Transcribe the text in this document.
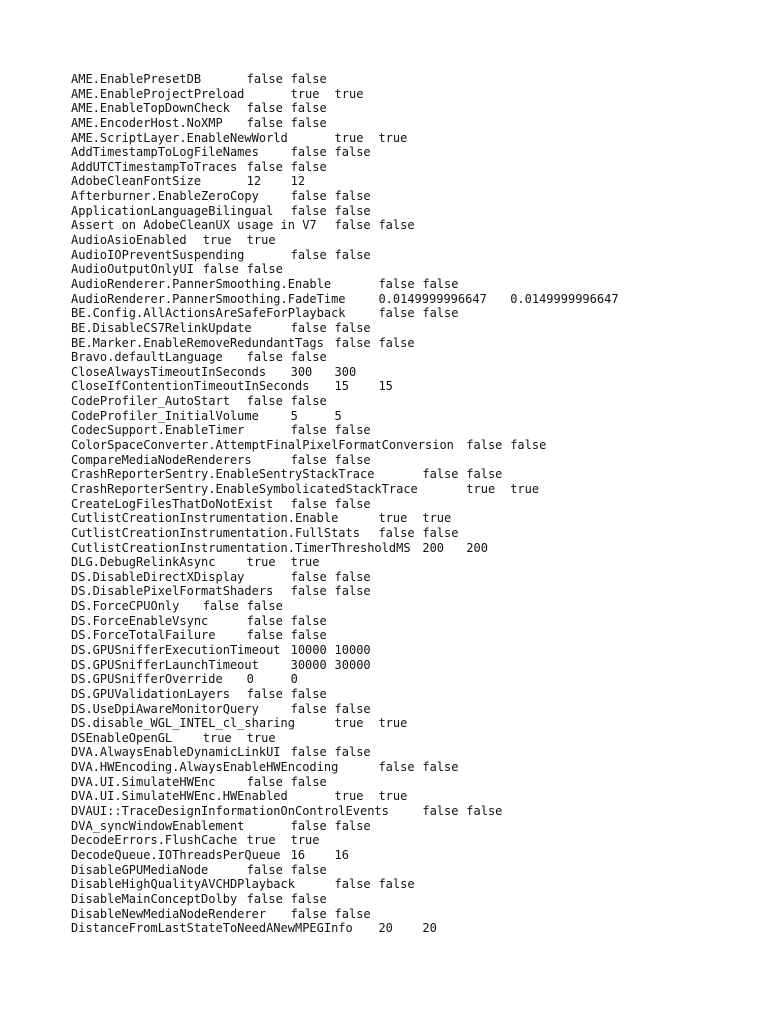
AME.EnablePresetDB	false false
AME.EnableProjectPreload	true true
AME.EnableTopDownCheck false false
AME.EncoderHost.NoXMP false false
AME.ScriptLayer.EnableNewWorld	true true
AddTimestampToLogFileNames	false false
AddUTCTimestampToTraces false false
AdobeCleanFontSize	12 12
Afterburner.EnableZeroCopy	false false
ApplicationLanguageBilingual false false
Assert on AdobeCleanUX usage in V7 false false
AudioAsioEnabled true true
AudioIOPreventSuspending	false false
AudioOutputOnlyUI false false
AudioRenderer.PannerSmoothing.Enable	false false
AudioRenderer.PannerSmoothing.FadeTime	0.0149999996647 0.0149999996647
BE.Config.AllActionsAreSafeForPlayback	false false
BE.DisableCS7RelinkUpdate	false false
BE.Marker.EnableRemoveRedundantTags false false
Bravo.defaultLanguage false false
CloseAlwaysTimeoutInSeconds 300 300
CloseIfContentionTimeoutInSeconds 15 15
CodeProfiler_AutoStart false false
CodeProfiler_InitialVolume	5	5
CodecSupport.EnableTimer	false false
ColorSpaceConverter.AttemptFinalPixelFormatConversion false false
CompareMediaNodeRenderers	false false
CrashReporterSentry.EnableSentryStackTrace	false false
CrashReporterSentry.EnableSymbolicatedStackTrace	true true
CreateLogFilesThatDoNotExist false false
CutlistCreationInstrumentation.Enable	true true
CutlistCreationInstrumentation.FullStats false false
CutlistCreationInstrumentation.TimerThresholdMS 200 200
DLG.DebugRelinkAsync	true true
DS.DisableDirectXDisplay	false false
DS.DisablePixelFormatShaders false false
DS.ForceCPUOnly false false
DS.ForceEnableVsync	false false
DS.ForceTotalFailure	false false
DS.GPUSnifferExecutionTimeout 10000 10000
DS.GPUSnifferLaunchTimeout	30000 30000
DS.GPUSnifferOverride 0	0
DS.GPUValidationLayers false false
DS.UseDpiAwareMonitorQuery	false false
DS.disable_WGL_INTEL_cl_sharing	true true
DSEnableOpenGL	true true
DVA.AlwaysEnableDynamicLinkUI false false
DVA.HWEncoding.AlwaysEnableHWEncoding	false false
DVA.UI.SimulateHWEnc	false false
DVA.UI.SimulateHWEnc.HWEnabled	true true
DVAUI::TraceDesignInformationOnControlEvents	false false
DVA_syncWindowEnablement	false false
DecodeErrors.FlushCache true true
DecodeQueue.IOThreadsPerQueue 16 16
DisableGPUMediaNode	false false
DisableHighQualityAVCHDPlayback	false false
DisableMainConceptDolby false false
DisableNewMediaNodeRenderer false false
DistanceFromLastStateToNeedANewMPEGInfo 20 20
